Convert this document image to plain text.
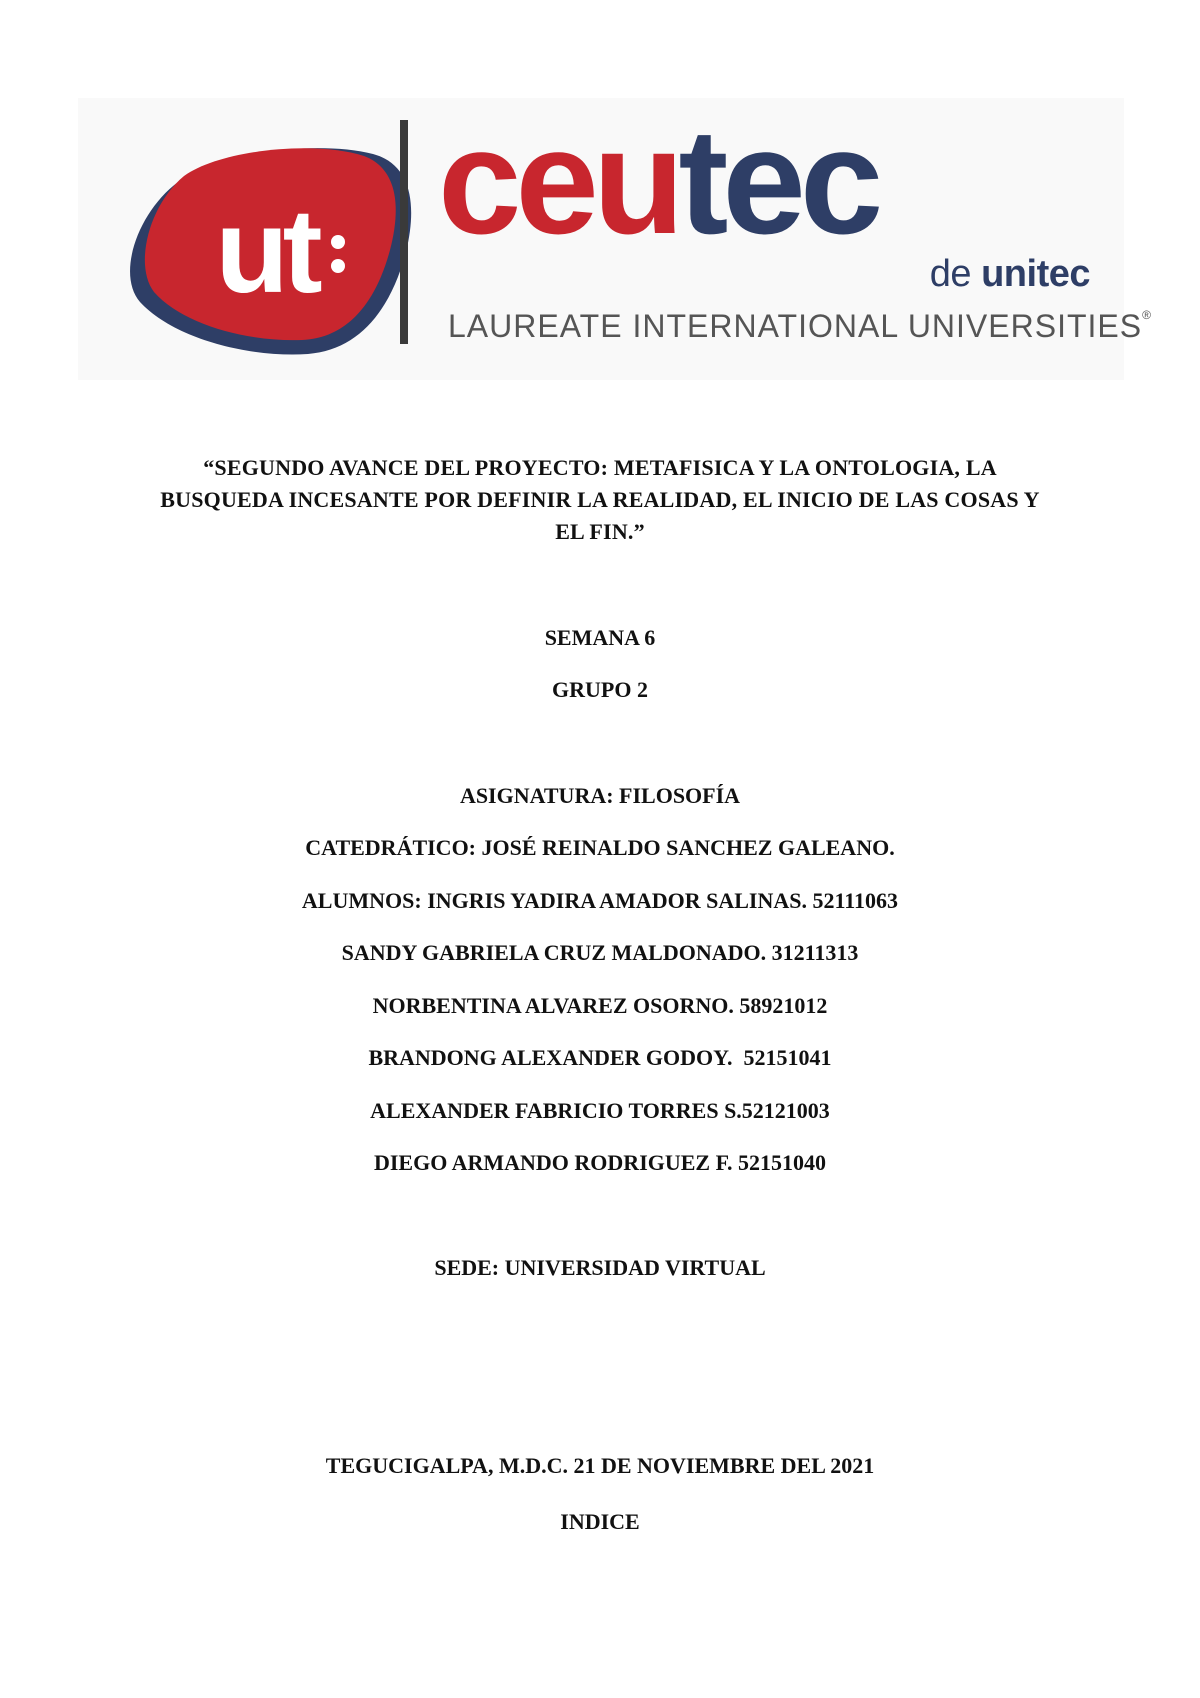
ut ceutec
de unitec
LAUREATE INTERNATIONAL UNIVERSITIES®
“SEGUNDO AVANCE DEL PROYECTO: METAFISICA Y LA ONTOLOGIA, LA BUSQUEDA INCESANTE POR DEFINIR LA REALIDAD, EL INICIO DE LAS COSAS Y EL FIN.”
SEMANA 6
GRUPO 2
ASIGNATURA: FILOSOFÍA
CATEDRÁTICO: JOSÉ REINALDO SANCHEZ GALEANO.
ALUMNOS: INGRIS YADIRA AMADOR SALINAS. 52111063
SANDY GABRIELA CRUZ MALDONADO. 31211313
NORBENTINA ALVAREZ OSORNO. 58921012
BRANDONG ALEXANDER GODOY.  52151041
ALEXANDER FABRICIO TORRES S.52121003
DIEGO ARMANDO RODRIGUEZ F. 52151040
SEDE: UNIVERSIDAD VIRTUAL
TEGUCIGALPA, M.D.C. 21 DE NOVIEMBRE DEL 2021
INDICE
